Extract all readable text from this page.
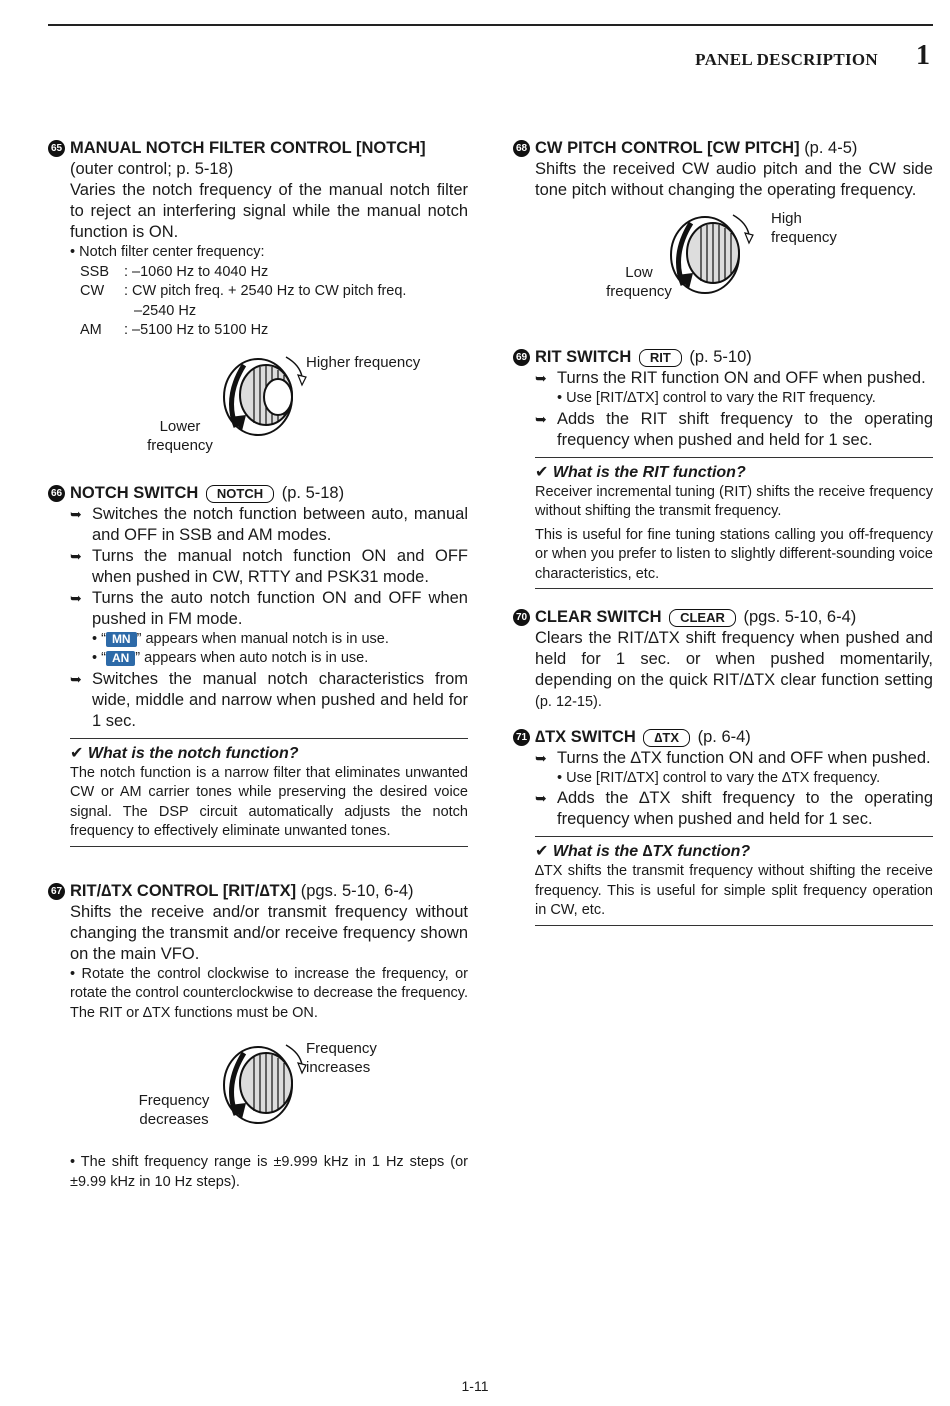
PANEL DESCRIPTION 1
65 MANUAL NOTCH FILTER CONTROL [NOTCH]
(outer control; p. 5-18)
Varies the notch frequency of the manual notch filter to reject an interfering signal while the manual notch function is ON.
• Notch filter center frequency:
SSB	: –1060 Hz to 4040 Hz
CW	: CW pitch freq. + 2540 Hz to CW pitch freq.
–2540 Hz
AM	: –5100 Hz to 5100 Hz
Higher frequency
Lower frequency
66 NOTCH SWITCH NOTCH (p. 5-18)
➥ Switches the notch function between auto, manual and OFF in SSB and AM modes.
➥ Turns the manual notch function ON and OFF when pushed in CW, RTTY and PSK31 mode.
➥ Turns the auto notch function ON and OFF when pushed in FM mode.
• “ MN ” appears when manual notch is in use.
• “ AN ” appears when auto notch is in use.
➥ Switches the manual notch characteristics from wide, middle and narrow when pushed and held for 1 sec.
✔ What is the notch function?
The notch function is a narrow filter that eliminates unwanted CW or AM carrier tones while preserving the desired voice signal. The DSP circuit automatically adjusts the notch frequency to effectively eliminate unwanted tones.
67 RIT/∆TX CONTROL [RIT/∆TX] (pgs. 5-10, 6-4)
Shifts the receive and/or transmit frequency without changing the transmit and/or receive frequency shown on the main VFO.
• Rotate the control clockwise to increase the frequency, or rotate the control counterclockwise to decrease the frequency. The RIT or ∆TX functions must be ON.
Frequency increases
Frequency decreases
• The shift frequency range is ±9.999 kHz in 1 Hz steps (or ±9.99 kHz in 10 Hz steps).
68 CW PITCH CONTROL [CW PITCH] (p. 4-5)
Shifts the received CW audio pitch and the CW side tone pitch without changing the operating frequency.
High frequency
Low frequency
69 RIT SWITCH RIT (p. 5-10)
➥ Turns the RIT function ON and OFF when pushed.
• Use [RIT/∆TX] control to vary the RIT frequency.
➥ Adds the RIT shift frequency to the operating frequency when pushed and held for 1 sec.
✔ What is the RIT function?
Receiver incremental tuning (RIT) shifts the receive frequency without shifting the transmit frequency.
This is useful for fine tuning stations calling you off-frequency or when you prefer to listen to slightly different-sounding voice characteristics, etc.
70 CLEAR SWITCH CLEAR (pgs. 5-10, 6-4)
Clears the RIT/∆TX shift frequency when pushed and held for 1 sec. or when pushed momentarily, depending on the quick RIT/∆TX clear function setting (p. 12-15).
71 ∆TX SWITCH ∆TX (p. 6-4)
➥ Turns the ∆TX function ON and OFF when pushed.
• Use [RIT/∆TX] control to vary the ∆TX frequency.
➥ Adds the ∆TX shift frequency to the operating frequency when pushed and held for 1 sec.
✔ What is the ∆TX function?
∆TX shifts the transmit frequency without shifting the receive frequency. This is useful for simple split frequency operation in CW, etc.
1-11
